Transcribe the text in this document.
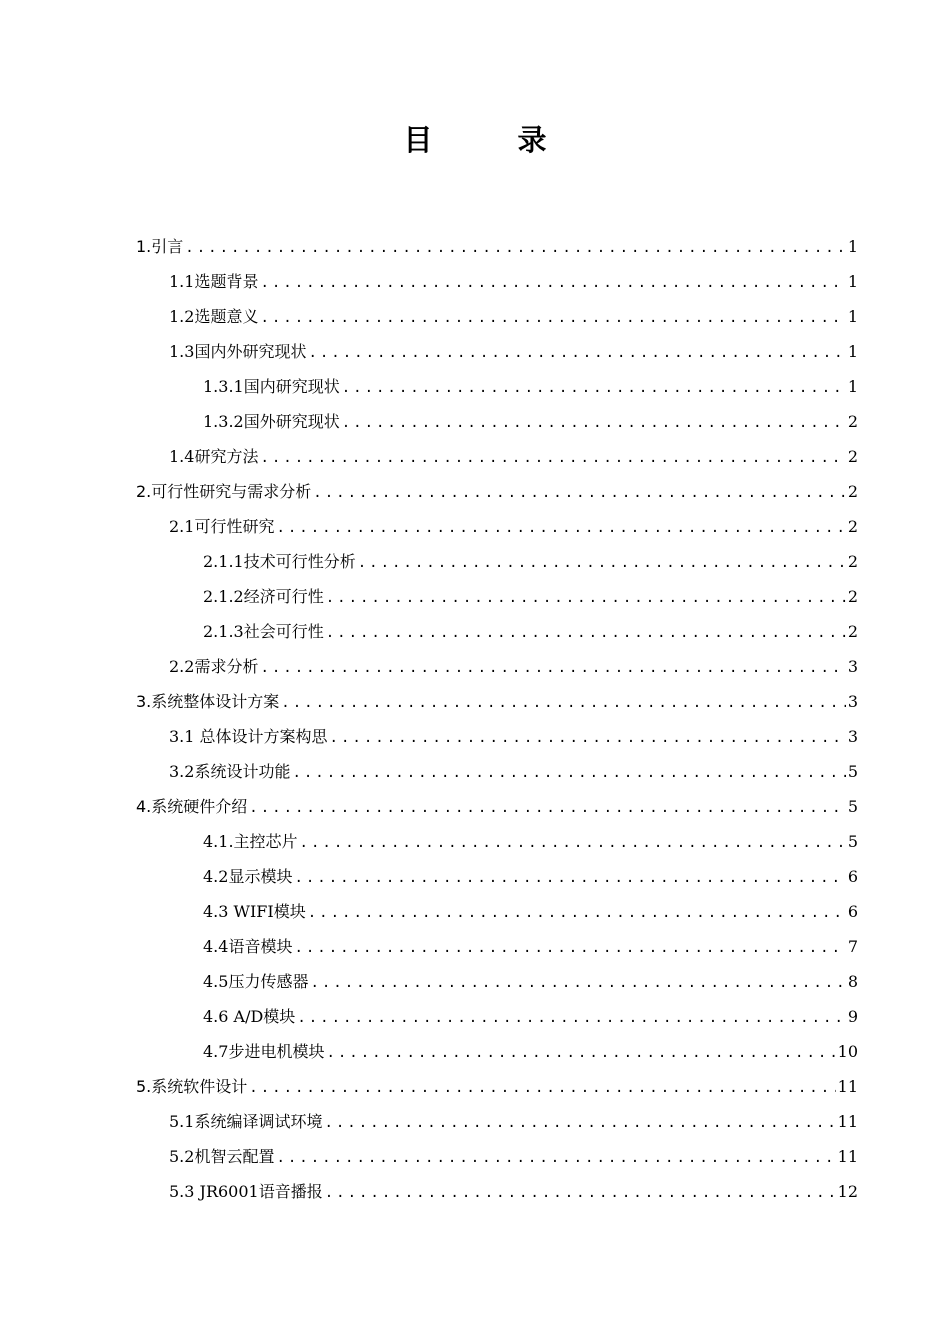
目　录
1.引言 .....	1
1.1选题背景 .....	1
1.2选题意义 .....	1
1.3国内外研究现状 .....	1
1.3.1国内研究现状 .....	1
1.3.2国外研究现状 .....	2
1.4研究方法 .....	2
2.可行性研究与需求分析 .....	2
2.1可行性研究 .....	2
2.1.1技术可行性分析 .....	2
2.1.2经济可行性 .....	2
2.1.3社会可行性 .....	2
2.2需求分析 .....	3
3.系统整体设计方案 .....	3
3.1 总体设计方案构思 .....	3
3.2系统设计功能 .....	5
4.系统硬件介绍 .....	5
4.1.主控芯片 .....	5
4.2显示模块 .....	6
4.3 WIFI模块 .....	6
4.4语音模块 .....	7
4.5压力传感器 .....	8
4.6 A/D模块 .....	9
4.7步进电机模块 .....	10
5.系统软件设计 .....	11
5.1系统编译调试环境 .....	11
5.2机智云配置 .....	11
5.3 JR6001语音播报 .....	12
